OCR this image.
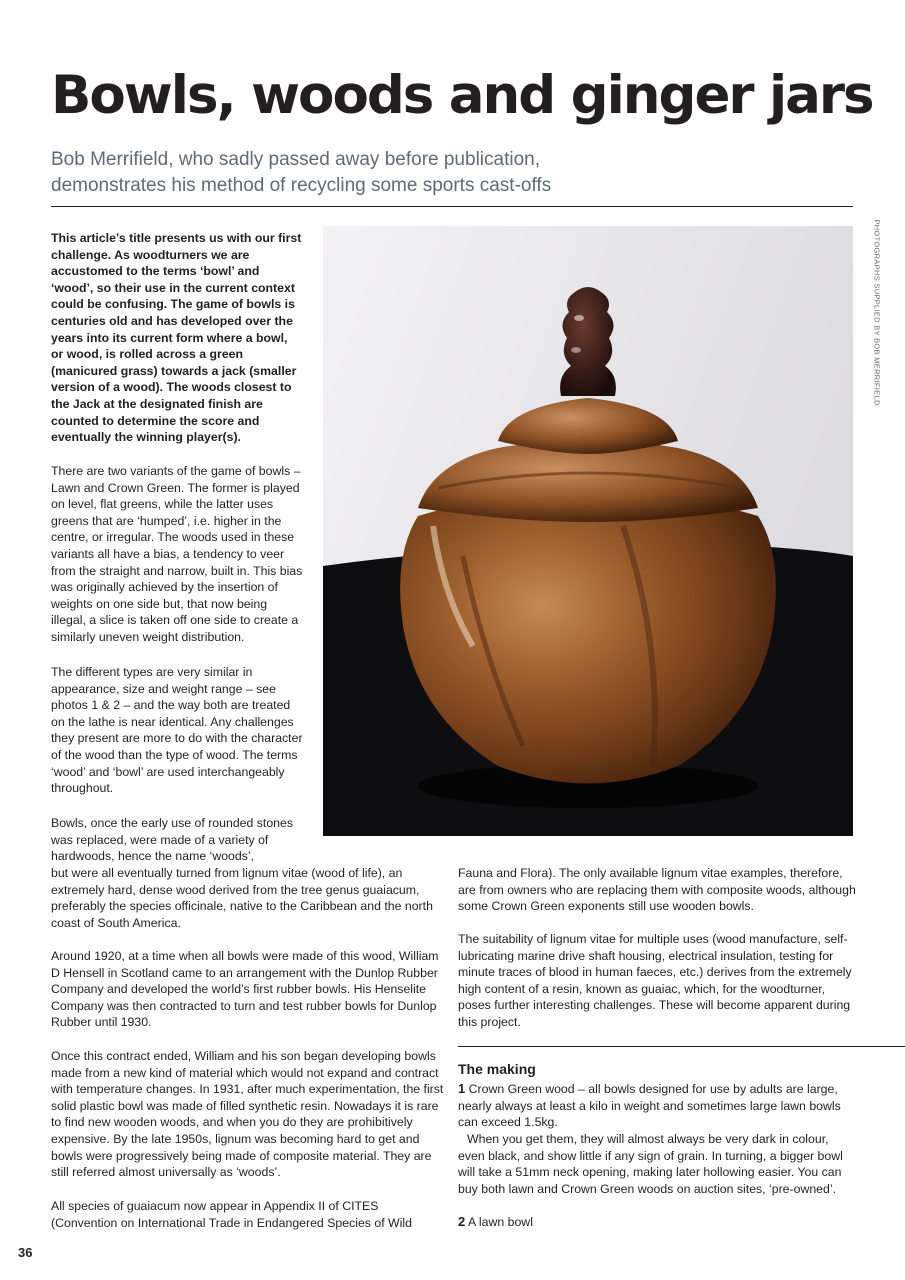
Bowls, woods and ginger jars

Bob Merrifield, who sadly passed away before publication, demonstrates his method of recycling some sports cast-offs

PHOTOGRAPHS SUPPLIED BY BOB MERRIFIELD

This article’s title presents us with our first challenge. As woodturners we are accustomed to the terms ‘bowl’ and ‘wood’, so their use in the current context could be confusing. The game of bowls is centuries old and has developed over the years into its current form where a bowl, or wood, is rolled across a green (manicured grass) towards a jack (smaller version of a wood). The woods closest to the Jack at the designated finish are counted to determine the score and eventually the winning player(s).

There are two variants of the game of bowls – Lawn and Crown Green. The former is played on level, flat greens, while the latter uses greens that are ‘humped’, i.e. higher in the centre, or irregular. The woods used in these variants all have a bias, a tendency to veer from the straight and narrow, built in. This bias was originally achieved by the insertion of weights on one side but, that now being illegal, a slice is taken off one side to create a similarly uneven weight distribution.

The different types are very similar in appearance, size and weight range – see photos 1 & 2 – and the way both are treated on the lathe is near identical. Any challenges they present are more to do with the character of the wood than the type of wood. The terms ‘wood’ and ‘bowl’ are used interchangeably throughout.

Bowls, once the early use of rounded stones was replaced, were made of a variety of hardwoods, hence the name ‘woods’,

but were all eventually turned from lignum vitae (wood of life), an extremely hard, dense wood derived from the tree genus guaiacum, preferably the species officinale, native to the Caribbean and the north coast of South America.

Around 1920, at a time when all bowls were made of this wood, William D Hensell in Scotland came to an arrangement with the Dunlop Rubber Company and developed the world’s first rubber bowls. His Henselite Company was then contracted to turn and test rubber bowls for Dunlop Rubber until 1930.

Once this contract ended, William and his son began developing bowls made from a new kind of material which would not expand and contract with temperature changes. In 1931, after much experimentation, the first solid plastic bowl was made of filled synthetic resin. Nowadays it is rare to find new wooden woods, and when you do they are prohibitively expensive. By the late 1950s, lignum was becoming hard to get and bowls were progressively being made of composite material. They are still referred almost universally as ‘woods’.

All species of guaiacum now appear in Appendix II of CITES (Convention on International Trade in Endangered Species of Wild

Fauna and Flora). The only available lignum vitae examples, therefore, are from owners who are replacing them with composite woods, although some Crown Green exponents still use wooden bowls.

The suitability of lignum vitae for multiple uses (wood manufacture, self-lubricating marine drive shaft housing, electrical insulation, testing for minute traces of blood in human faeces, etc.) derives from the extremely high content of a resin, known as guaiac, which, for the woodturner, poses further interesting challenges. These will become apparent during this project.

The making

1 Crown Green wood – all bowls designed for use by adults are large, nearly always at least a kilo in weight and sometimes large lawn bowls can exceed 1.5kg.

When you get them, they will almost always be very dark in colour, even black, and show little if any sign of grain. In turning, a bigger bowl will take a 51mm neck opening, making later hollowing easier. You can buy both lawn and Crown Green woods on auction sites, ‘pre-owned’.

2 A lawn bowl

36
